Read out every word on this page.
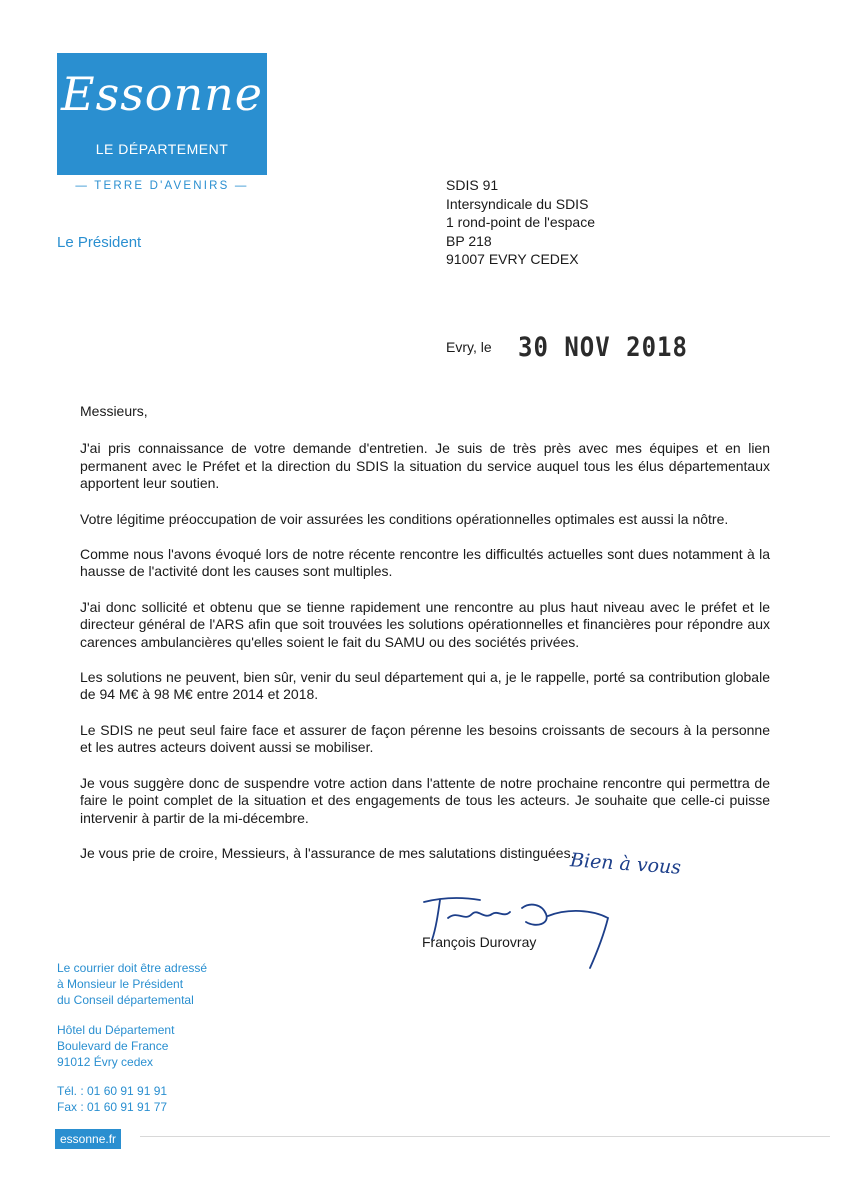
Essonne
LE DÉPARTEMENT
— TERRE D'AVENIRS —
Le Président
SDIS 91
Intersyndicale du SDIS
1 rond-point de l'espace
BP 218
91007 EVRY CEDEX
Evry, le 30 NOV 2018

Messieurs,

J'ai pris connaissance de votre demande d'entretien. Je suis de très près avec mes équipes et en lien permanent avec le Préfet et la direction du SDIS la situation du service auquel tous les élus départementaux apportent leur soutien.

Votre légitime préoccupation de voir assurées les conditions opérationnelles optimales est aussi la nôtre.

Comme nous l'avons évoqué lors de notre récente rencontre les difficultés actuelles sont dues notamment à la hausse de l'activité dont les causes sont multiples.

J'ai donc sollicité et obtenu que se tienne rapidement une rencontre au plus haut niveau avec le préfet et le directeur général de l'ARS afin que soit trouvées les solutions opérationnelles et financières pour répondre aux carences ambulancières qu'elles soient le fait du SAMU ou des sociétés privées.

Les solutions ne peuvent, bien sûr, venir du seul département qui a, je le rappelle, porté sa contribution globale de 94 M€ à 98 M€ entre 2014 et 2018.

Le SDIS ne peut seul faire face et assurer de façon pérenne les besoins croissants de secours à la personne et les autres acteurs doivent aussi se mobiliser.

Je vous suggère donc de suspendre votre action dans l'attente de notre prochaine rencontre qui permettra de faire le point complet de la situation et des engagements de tous les acteurs. Je souhaite que celle-ci puisse intervenir à partir de la mi-décembre.

Je vous prie de croire, Messieurs, à l'assurance de mes salutations distinguées.

Bien à vous
François Durovray
Le courrier doit être adressé
à Monsieur le Président
du Conseil départemental
Hôtel du Département
Boulevard de France
91012 Évry cedex
Tél. : 01 60 91 91 91
Fax : 01 60 91 91 77
essonne.fr
